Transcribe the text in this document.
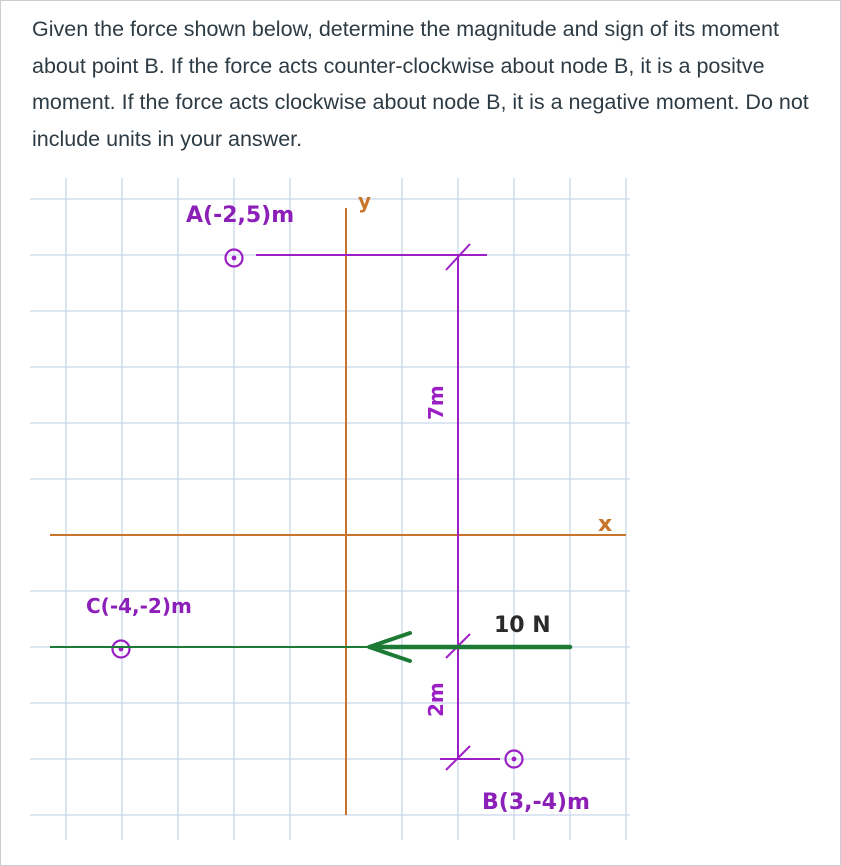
Given the force shown below, determine the magnitude and sign of its moment about point B. If the force acts counter-clockwise about node B, it is a positve moment. If the force acts clockwise about node B, it is a negative moment. Do not include units in your answer.

y
x
7m
2m
A(-2,5)m
C(-4,-2)m
B(3,-4)m
10 N
